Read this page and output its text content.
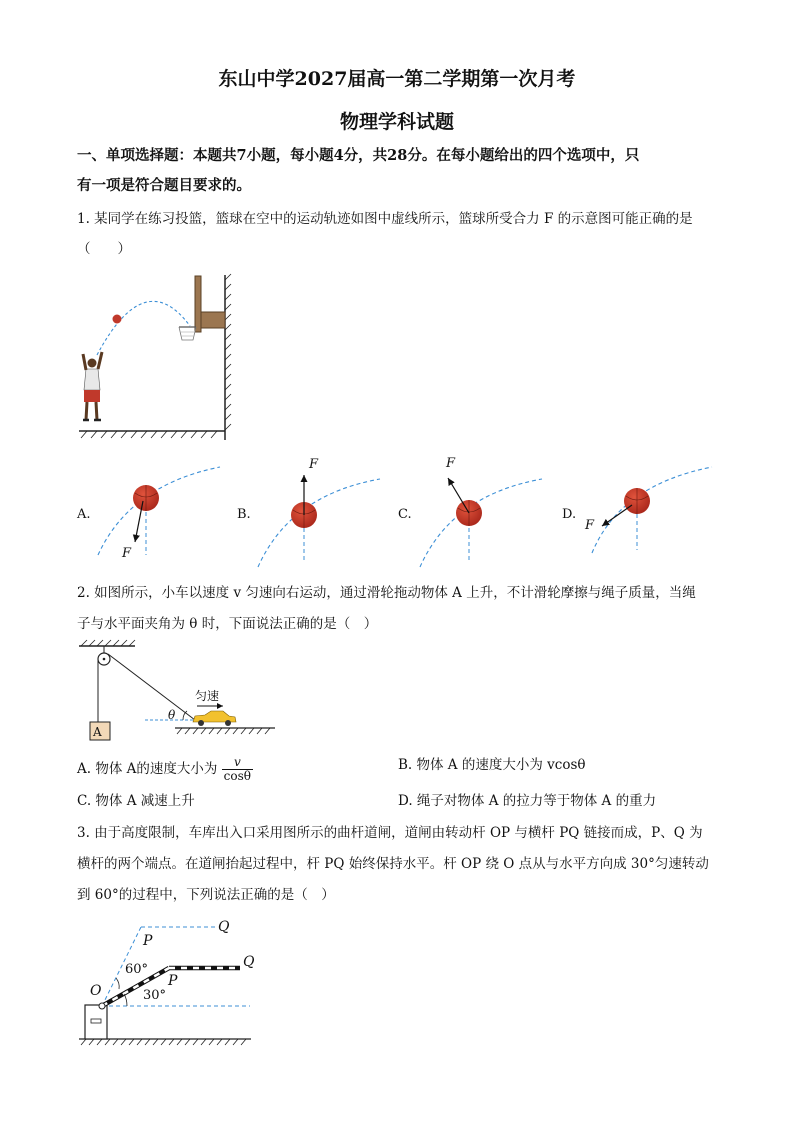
东山中学2027届高一第二学期第一次月考
物理学科试题
一、单项选择题：本题共7小题，每小题4分，共28分。在每小题给出的四个选项中，只
有一项是符合题目要求的。
1. 某同学在练习投篮，篮球在空中的运动轨迹如图中虚线所示，篮球所受合力 F 的示意图可能正确的是
（　　）
A.
F
B.
F
C.
F
D.
F
2. 如图所示，小车以速度 v 匀速向右运动，通过滑轮拖动物体 A 上升，不计滑轮摩擦与绳子质量，当绳
子与水平面夹角为 θ 时，下面说法正确的是（　）
A
匀速
θ
A. 物体 A的速度大小为 $\frac{v}{\cos\theta}$	B. 物体 A 的速度大小为 vcosθ
C. 物体 A 减速上升	D. 绳子对物体 A 的拉力等于物体 A 的重力
3. 由于高度限制，车库出入口采用图所示的曲杆道闸，道闸由转动杆 OP 与横杆 PQ 链接而成，P、Q 为
横杆的两个端点。在道闸抬起过程中，杆 PQ 始终保持水平。杆 OP 绕 O 点从与水平方向成 30°匀速转动
到 60°的过程中，下列说法正确的是（　）
O
P
Q
P
Q
60°
30°
